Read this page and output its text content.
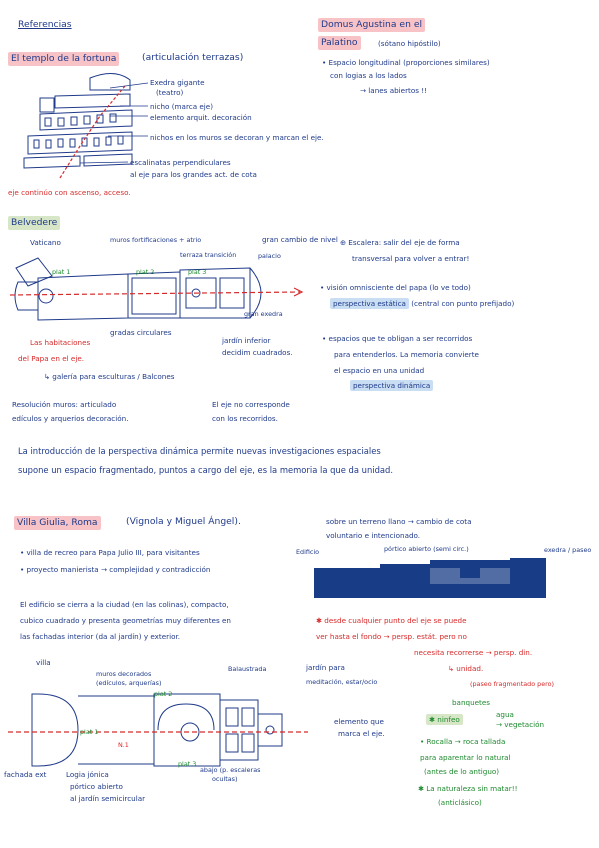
Referencias
El templo de la fortuna	(articulación terrazas)
Exedra gigante
(teatro)
nicho (marca eje)
elemento arquit. decoración
nichos en los muros se decoran y marcan el eje.
escalinatas perpendiculares
al eje para los grandes act. de cota
eje continúo con ascenso, acceso.
Domus Agustina en el
Palatino	(sótano hipóstilo)
• Espacio longitudinal (proporciones similares)
con logias a los lados
→ lanes abiertos !!
Belvedere
Vaticano	muros fortificaciones + atrio	gran cambio de nivel
terraza transición	palacio
plat 1	plat 2	plat 3
gran exedra
gradas circulares
jardín inferior
decidim cuadrados.
Las habitaciones
del Papa en el eje.
↳ galería para esculturas / Balcones
⊕ Escalera: salir del eje de forma
transversal para volver a entrar!
• visión omnisciente del papa (lo ve todo)
perspectiva estática (central con punto prefijado)
• espacios que te obligan a ser recorridos
para entenderlos. La memoria convierte
el espacio en una unidad
perspectiva dinámica
Resolución muros: articulado
edículos y arquerios decoración.
El eje no corresponde
con los recorridos.
La introducción de la perspectiva dinámica permite nuevas investigaciones espaciales
supone un espacio fragmentado, puntos a cargo del eje, es la memoria la que da unidad.
Villa Giulia, Roma	(Vignola y Miguel Ángel).
• villa de recreo para Papa Julio III, para visitantes
• proyecto manierista → complejidad y contradicción
sobre un terreno llano → cambio de cota
voluntario e intencionado.
Edificio	pórtico abierto (semi circ.)	exedra / paseo
El edificio se cierra a la ciudad (en las colinas), compacto,
cubico cuadrado y presenta geometrías muy diferentes en
las fachadas interior (da al jardín) y exterior.
✱ desde cualquier punto del eje se puede
ver hasta el fondo → persp. estát. pero no
necesita recorrerse → persp. din.
↳ unidad.
(paseo fragmentado pero)
villa
muros decorados
(edículos, arquerías)
Balaustrada	jardín para
meditación, estar/ocio
plat 1
plat 2
plat 3
N.1
elemento que
marca el eje.
fachada ext	Logia jónica
pórtico abierto
al jardín semicircular
abajo (p. escaleras
ocultas)
banquetes
agua
→ vegetación
✱ ninfeo
• Rocalla → roca tallada
para aparentar lo natural
(antes de lo antiguo)
✱ La naturaleza sin matar!!
(anticlásico)
